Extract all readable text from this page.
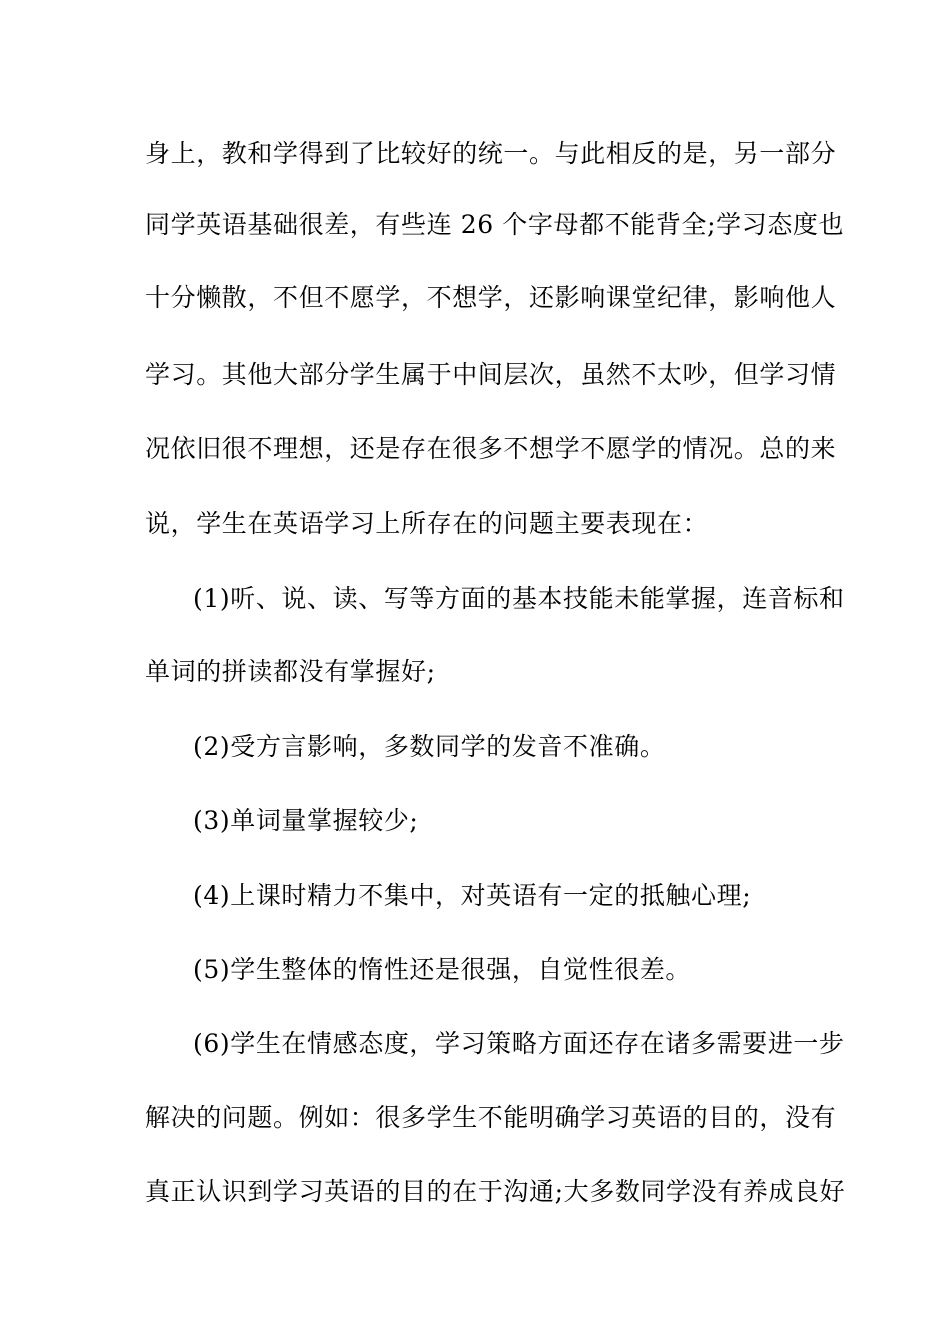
身上，教和学得到了比较好的统一。与此相反的是，另一部分
同学英语基础很差，有些连 26 个字母都不能背全;学习态度也
十分懒散，不但不愿学，不想学，还影响课堂纪律，影响他人
学习。其他大部分学生属于中间层次，虽然不太吵，但学习情
况依旧很不理想，还是存在很多不想学不愿学的情况。总的来
说，学生在英语学习上所存在的问题主要表现在：
(1)听、说、读、写等方面的基本技能未能掌握，连音标和
单词的拼读都没有掌握好;
(2)受方言影响，多数同学的发音不准确。
(3)单词量掌握较少;
(4)上课时精力不集中，对英语有一定的抵触心理;
(5)学生整体的惰性还是很强，自觉性很差。
(6)学生在情感态度，学习策略方面还存在诸多需要进一步
解决的问题。例如：很多学生不能明确学习英语的目的，没有
真正认识到学习英语的目的在于沟通;大多数同学没有养成良好
